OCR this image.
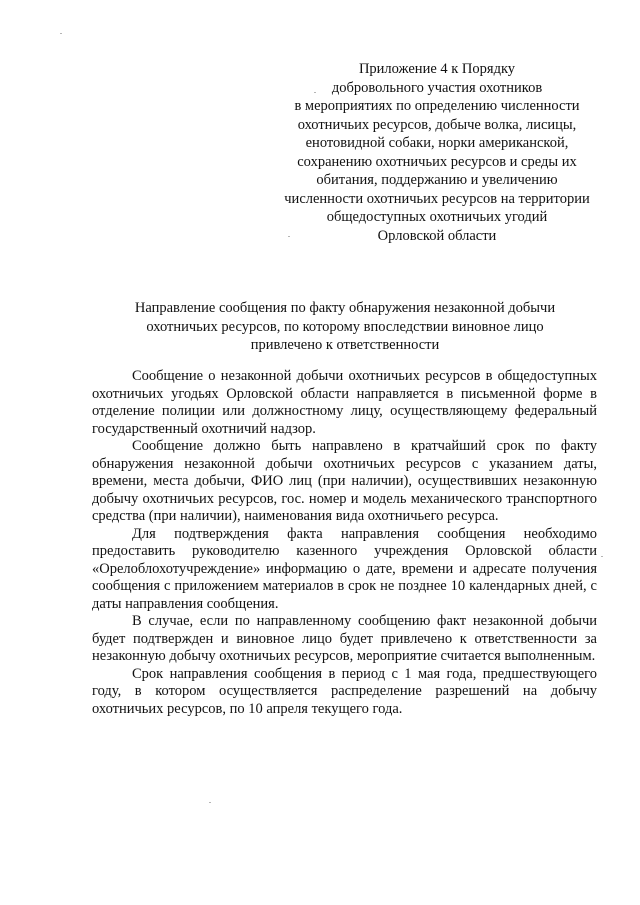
Приложение 4 к Порядку
добровольного участия охотников
в мероприятиях по определению численности
охотничьих ресурсов, добыче волка, лисицы,
енотовидной собаки, норки американской,
сохранению охотничьих ресурсов и среды их
обитания, поддержанию и увеличению
численности охотничьих ресурсов на территории
общедоступных охотничьих угодий
Орловской области
Направление сообщения по факту обнаружения незаконной добычи
охотничьих ресурсов, по которому впоследствии виновное лицо
привлечено к ответственности

Сообщение о незаконной добычи охотничьих ресурсов в общедоступных охотничьих угодьях Орловской области направляется в письменной форме в отделение полиции или должностному лицу, осуществляющему федеральный государственный охотничий надзор.

Сообщение должно быть направлено в кратчайший срок по факту обнаружения незаконной добычи охотничьих ресурсов с указанием даты, времени, места добычи, ФИО лиц (при наличии), осуществивших незаконную добычу охотничьих ресурсов, гос. номер и модель механического транспортного средства (при наличии), наименования вида охотничьего ресурса.

Для подтверждения факта направления сообщения необходимо предоставить руководителю казенного учреждения Орловской области «Орелоблохотучреждение» информацию о дате, времени и адресате получения сообщения с приложением материалов в срок не позднее 10 календарных дней, с даты направления сообщения.

В случае, если по направленному сообщению факт незаконной добычи будет подтвержден и виновное лицо будет привлечено к ответственности за незаконную добычу охотничьих ресурсов, мероприятие считается выполненным.

Срок направления сообщения в период с 1 мая года, предшествующего году, в котором осуществляется распределение разрешений на добычу охотничьих ресурсов, по 10 апреля текущего года.
